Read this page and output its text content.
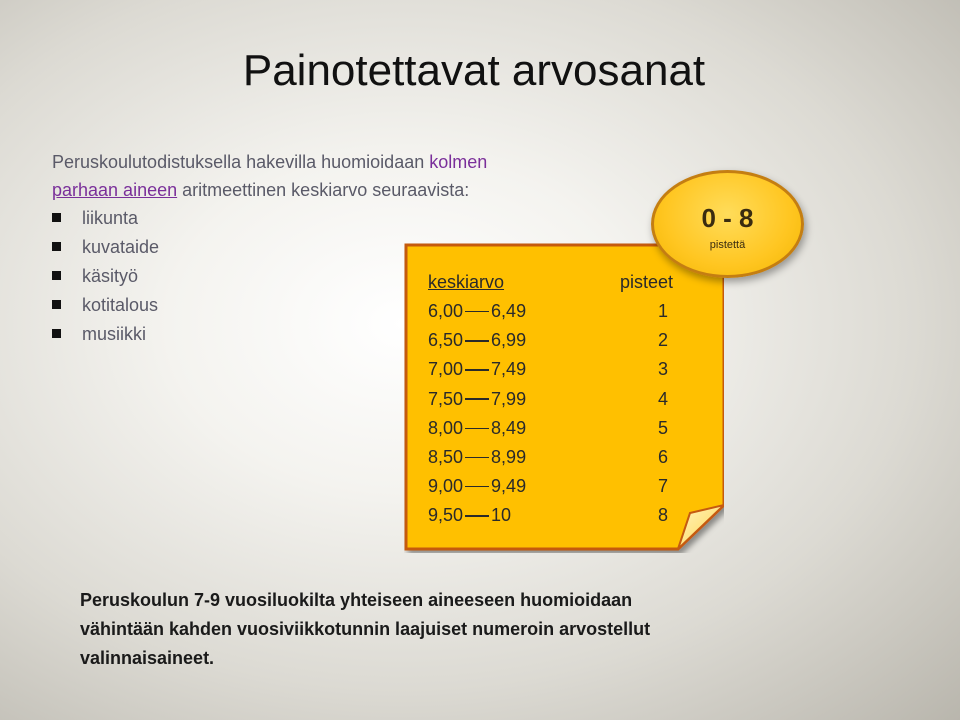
Painotettavat arvosanat
Peruskoulutodistuksella hakevilla huomioidaan kolmen
parhaan aineen aritmeettinen keskiarvo seuraavista:
liikunta
kuvataide
käsityö
kotitalous
musiikki
keskiarvo	pisteet
6,00 6,49	1
6,50 6,99	2
7,00 7,49	3
7,50 7,99	4
8,00 8,49	5
8,50 8,99	6
9,00 9,49	7
9,50 10	8
0 - 8
pistettä
Peruskoulun 7-9 vuosiluokilta yhteiseen aineeseen huomioidaan vähintään kahden vuosiviikkotunnin laajuiset numeroin arvostellut valinnaisaineet.
